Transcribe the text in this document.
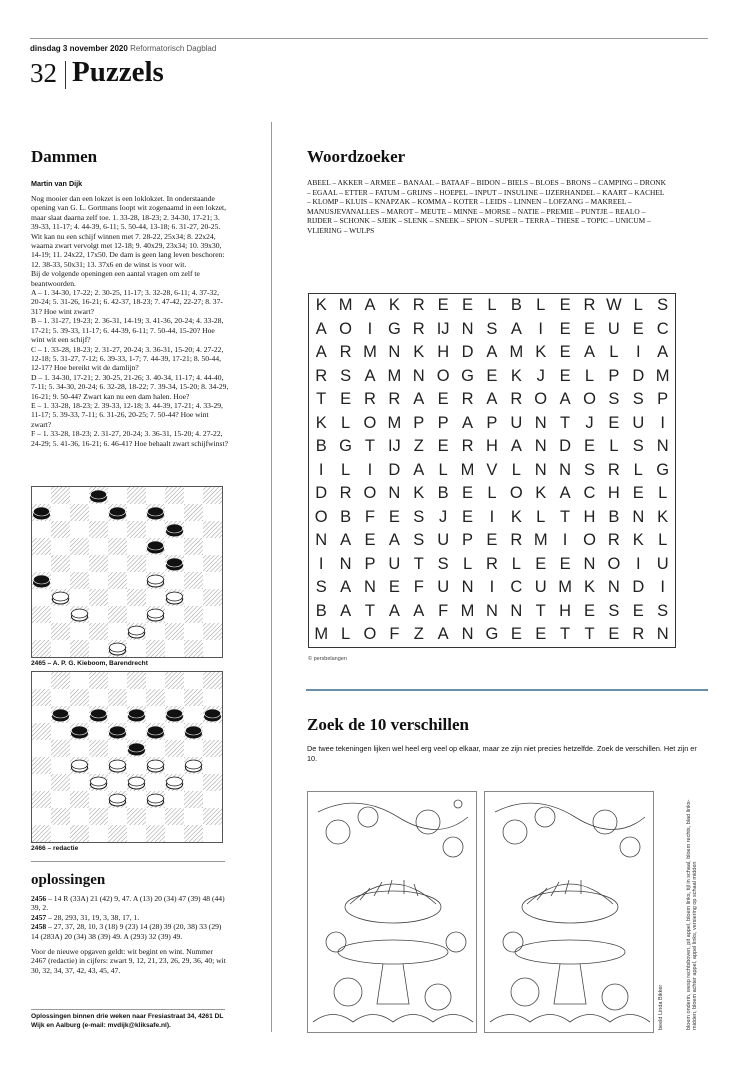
dinsdag 3 november 2020 Reformatorisch Dagblad
32 Puzzels
Dammen
Martin van Dijk

Nog mooier dan een lokzet is een loklokzet. In onderstaande opening van G. L. Gortmans loopt wit zogenaamd in een lokzet, maar slaat daarna zelf toe. 1. 33-28, 18-23; 2. 34-30, 17-21; 3. 39-33, 11-17; 4. 44-39, 6-11; 5. 50-44, 13-18; 6. 31-27, 20-25. Wit kan nu een schijf winnen met 7. 28-22, 25x34; 8. 22x24, waarna zwart vervolgt met 12-18; 9. 40x29, 23x34; 10. 39x30, 14-19; 11. 24x22, 17x50. De dam is geen lang leven beschoren: 12. 38-33, 50x31; 13. 37x6 en de winst is voor wit.

Bij de volgende openingen een aantal vragen om zelf te beantwoorden.

A – 1. 34-30, 17-22; 2. 30-25, 11-17; 3. 32-28, 6-11; 4. 37-32, 20-24; 5. 31-26, 16-21; 6. 42-37, 18-23; 7. 47-42, 22-27; 8. 37-31? Hoe wint zwart?

B – 1. 31-27, 19-23; 2. 36-31, 14-19; 3. 41-36, 20-24; 4. 33-28, 17-21; 5. 39-33, 11-17; 6. 44-39, 6-11; 7. 50-44, 15-20? Hoe wint wit een schijf?

C – 1. 33-28, 18-23; 2. 31-27, 20-24; 3. 36-31, 15-20; 4. 27-22, 12-18; 5. 31-27, 7-12; 6. 39-33, 1-7; 7. 44-39, 17-21; 8. 50-44, 12-17? Hoe bereikt wit de damlijn?

D – 1. 34-30, 17-21; 2. 30-25, 21-26; 3. 40-34, 11-17; 4. 44-40, 7-11; 5. 34-30, 20-24; 6. 32-28, 18-22; 7. 39-34, 15-20; 8. 34-29, 16-21; 9. 50-44? Zwart kan nu een dam halen. Hoe?

E – 1. 33-28, 18-23; 2. 39-33, 12-18; 3. 44-39, 17-21; 4. 33-29, 11-17; 5. 39-33, 7-11; 6. 31-26, 20-25; 7. 50-44? Hoe wint zwart?

F – 1. 33-28, 18-23; 2. 31-27, 20-24; 3. 36-31, 15-20; 4. 27-22, 24-29; 5. 41-36, 16-21; 6. 46-41? Hoe behaalt zwart schijfwinst?

2465 – A. P. G. Kieboom, Barendrecht
2466 – redactie
oplossingen

2456 – 14 R (33A) 21 (42) 9, 47. A (13) 20 (34) 47 (39) 48 (44) 39, 2.

2457 – 28, 293, 31, 19, 3, 38, 17, 1.

2458 – 27, 37, 28, 10, 3 (18) 9 (23) 14 (28) 39 (20, 38) 33 (29) 14 (283A) 20 (34) 38 (39) 49. A (293) 32 (39) 49.

Voor de nieuwe opgaven geldt: wit begint en wint. Nummer 2467 (redactie) in cijfers: zwart 9, 12, 21, 23, 26, 29, 36, 40; wit 30, 32, 34, 37, 42, 43, 45, 47.

Oplossingen binnen drie weken naar Fresiastraat 34, 4261 DL Wijk en Aalburg (e-mail: mvdijk@kliksafe.nl).
Woordzoeker
ABEEL – AKKER – ARMEE – BANAAL – BATAAF – BIDON – BIELS – BLOES – BRONS – CAMPING – DRONK – EGAAL – ETTER – FATUM – GRIJNS – HOEPEL – INPUT – INSULINE – IJZERHANDEL – KAART – KACHEL – KLOMP – KLUIS – KNAPZAK – KOMMA – KOTER – LEIDS – LINNEN – LOFZANG – MAKREEL – MANUSJEVANALLES – MAROT – MEUTE – MINNE – MORSE – NATIE – PREMIE – PUNTJE – REALO – RIJDER – SCHONK – SJEIK – SLENK – SNEEK – SPION – SUPER – TERRA – THESE – TOPIC – UNICUM – VLIERING – WULPS
K M A K R E E L B L E R W L S
A O I G R IJ N S A	I	E E U E C
A R M N K H D A M K E A L	I	A
R S A M N O G E K J E L P D M
T E R R A E R A R O A O S S P
K L O M P P A P U N T J E U I
B G T IJ Z E R H A N D E L S N
I	L	I D A L M V L N N S R L G
D R O N K B E L O K A C H E L
O B F E S J E	I	K L T H B N K
N A E A S U P E R M I O R K L
I N P U T S L R L E E N O I U
S A N E F U N I C U M K N D I
B A T A A F M N N T H E S E S
M L O F Z A N G E E T T E R N
© persbelangen
Zoek de 10 verschillen
De twee tekeningen lijken wel heel erg veel op elkaar, maar ze zijn niet precies hetzelfde. Zoek de verschillen. Het zijn er 10.
beeld Linda Bikker	bloem onderin, wesp rechtsboven, pit appel, bloem links, tijl in schaal, bloem rechts, blad links-midden, bloem achter appel, appel links, versiering op schaal midden
